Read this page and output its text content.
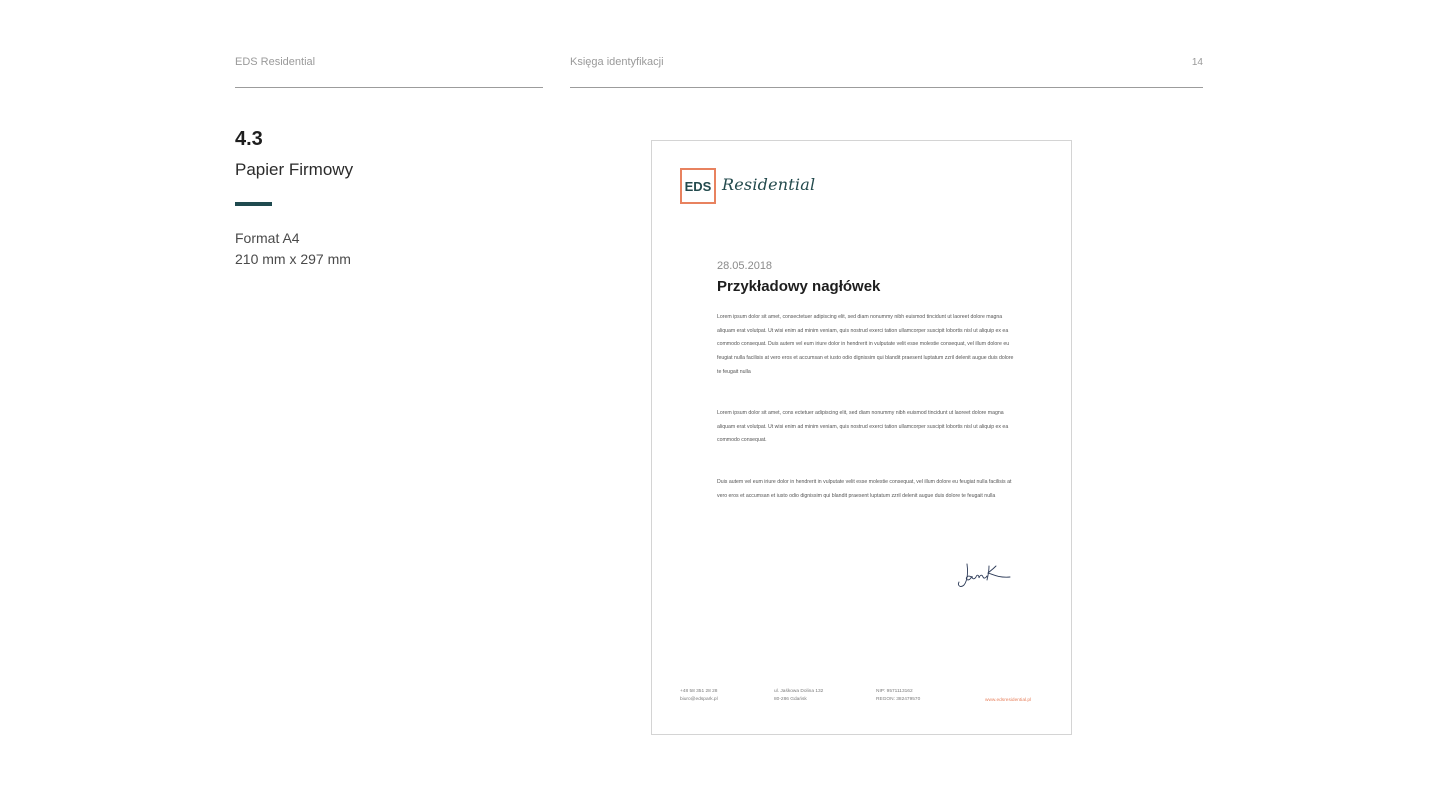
EDS Residential	Księga identyfikacji	14
4.3
Papier Firmowy
Format A4
210 mm x 297 mm
EDS Residential
28.05.2018
Przykładowy nagłówek
Lorem ipsum dolor sit amet, consectetuer adipiscing elit, sed diam nonummy nibh euismod tincidunt ut laoreet dolore magna aliquam erat volutpat. Ut wisi enim ad minim veniam, quis nostrud exerci tation ullamcorper suscipit lobortis nisl ut aliquip ex ea commodo consequat. Duis autem vel eum iriure dolor in hendrerit in vulputate velit esse molestie consequat, vel illum dolore eu feugiat nulla facilisis at vero eros et accumsan et iusto odio dignissim qui blandit praesent luptatum zzril delenit augue duis dolore te feugait nulla
Lorem ipsum dolor sit amet, cons ectetuer adipiscing elit, sed diam nonummy nibh euismod tincidunt ut laoreet dolore magna aliquam erat volutpat. Ut wisi enim ad minim veniam, quis nostrud exerci tation ullamcorper suscipit lobortis nisl ut aliquip ex ea commodo consequat.
Duis autem vel eum iriure dolor in hendrerit in vulputate velit esse molestie consequat, vel illum dolore eu feugiat nulla facilisis at vero eros et accumsan et iusto odio dignissim qui blandit praesent luptatum zzril delenit augue duis dolore te feugait nulla
+48 58 351 28 28
biuro@edspark.pl
ul. Jaśkowa Dolina 132
80-286 Gdańsk
NIP: 9571113162
REGON: 382479570	www.edsresidential.pl
